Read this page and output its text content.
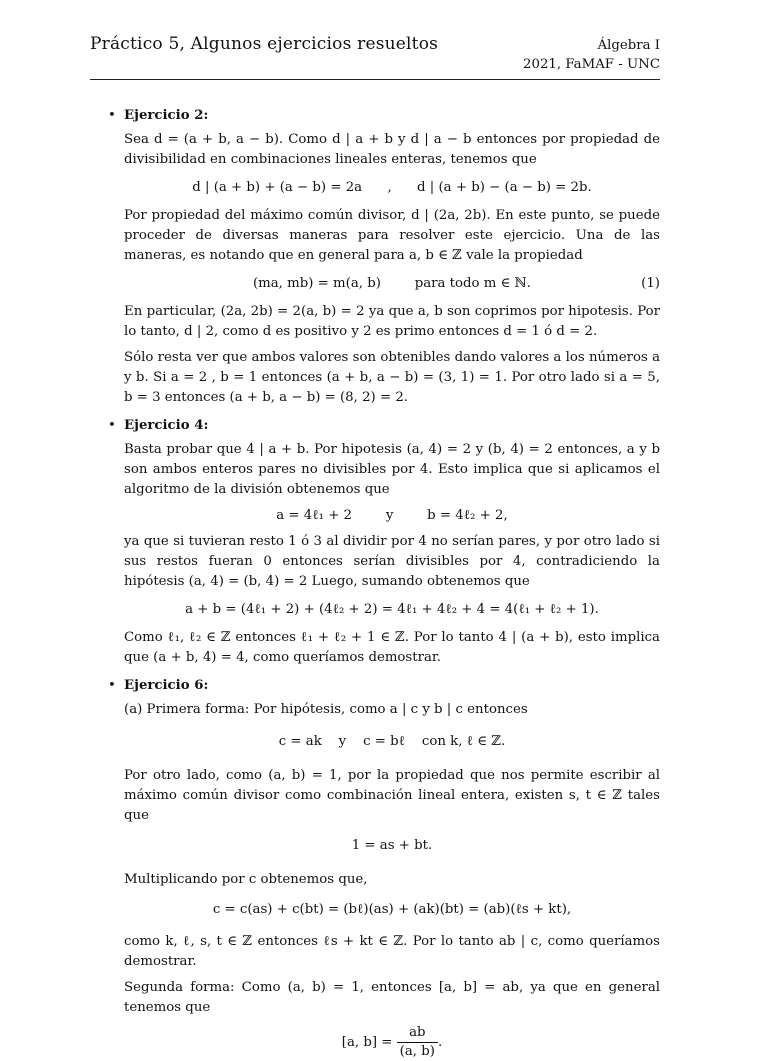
Práctico 5, Algunos ejercicios resueltos	Álgebra I
2021, FaMAF - UNC
• Ejercicio 2:

Sea d = (a + b, a − b). Como d | a + b y d | a − b entonces por propiedad de divisibilidad en combinaciones lineales enteras, tenemos que

d | (a + b) + (a − b) = 2a      ,      d | (a + b) − (a − b) = 2b.

Por propiedad del máximo común divisor, d | (2a, 2b). En este punto, se puede proceder de diversas maneras para resolver este ejercicio. Una de las maneras, es notando que en general para a, b ∈ ℤ vale la propiedad

(ma, mb) = m(a, b)        para todo m ∈ ℕ.	(1)

En particular, (2a, 2b) = 2(a, b) = 2 ya que a, b son coprimos por hipotesis. Por lo tanto, d | 2, como d es positivo y 2 es primo entonces d = 1 ó d = 2.

Sólo resta ver que ambos valores son obtenibles dando valores a los números a y b. Si a = 2 , b = 1 entonces (a + b, a − b) = (3, 1) = 1. Por otro lado si a = 5, b = 3 entonces (a + b, a − b) = (8, 2) = 2.

• Ejercicio 4:

Basta probar que 4 | a + b. Por hipotesis (a, 4) = 2 y (b, 4) = 2 entonces, a y b son ambos enteros pares no divisibles por 4. Esto implica que si aplicamos el algoritmo de la división obtenemos que

a = 4ℓ₁ + 2        y        b = 4ℓ₂ + 2,

ya que si tuvieran resto 1 ó 3 al dividir por 4 no serían pares, y por otro lado si sus restos fueran 0 entonces serían divisibles por 4, contradiciendo la hipótesis (a, 4) = (b, 4) = 2 Luego, sumando obtenemos que

a + b = (4ℓ₁ + 2) + (4ℓ₂ + 2) = 4ℓ₁ + 4ℓ₂ + 4 = 4(ℓ₁ + ℓ₂ + 1).

Como ℓ₁, ℓ₂ ∈ ℤ entonces ℓ₁ + ℓ₂ + 1 ∈ ℤ. Por lo tanto 4 | (a + b), esto implica que (a + b, 4) = 4, como queríamos demostrar.

• Ejercicio 6:

(a) Primera forma: Por hipótesis, como a | c y b | c entonces

c = ak    y    c = bℓ    con k, ℓ ∈ ℤ.

Por otro lado, como (a, b) = 1, por la propiedad que nos permite escribir al máximo común divisor como combinación lineal entera, existen s, t ∈ ℤ tales que

1 = as + bt.

Multiplicando por c obtenemos que,

c = c(as) + c(bt) = (bℓ)(as) + (ak)(bt) = (ab)(ℓs + kt),

como k, ℓ, s, t ∈ ℤ entonces ℓs + kt ∈ ℤ. Por lo tanto ab | c, como queríamos demostrar.

Segunda forma: Como (a, b) = 1, entonces [a, b] = ab, ya que en general tenemos que

[a, $b] = \frac{ab}{(a, b)}$ .
